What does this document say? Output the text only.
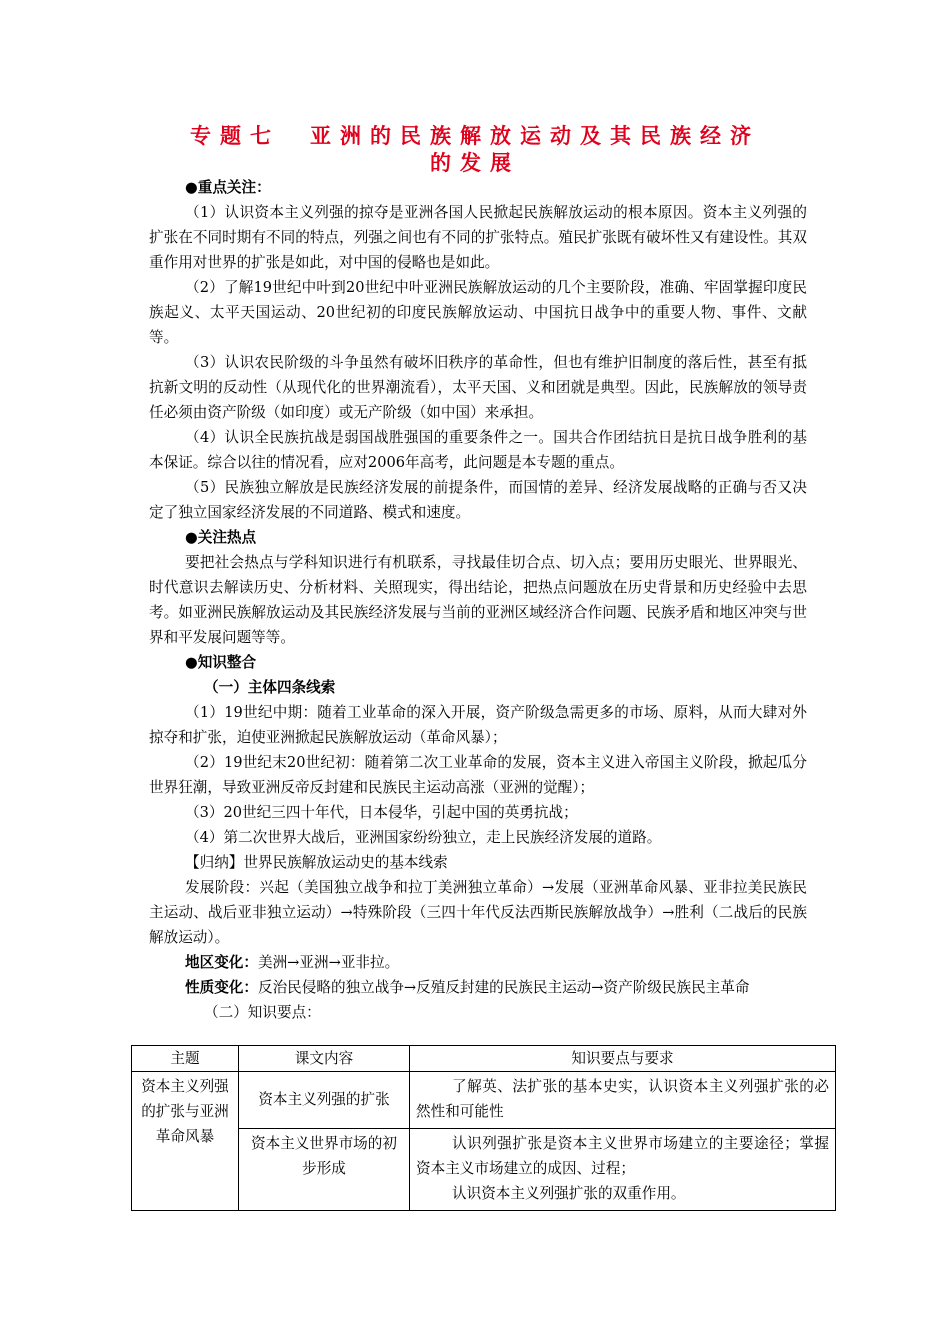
专题七　亚洲的民族解放运动及其民族经济
的发展

●重点关注：

（1）认识资本主义列强的掠夺是亚洲各国人民掀起民族解放运动的根本原因。资本主义列强的扩张在不同时期有不同的特点，列强之间也有不同的扩张特点。殖民扩张既有破坏性又有建设性。其双重作用对世界的扩张是如此，对中国的侵略也是如此。

（2）了解19世纪中叶到20世纪中叶亚洲民族解放运动的几个主要阶段，准确、牢固掌握印度民族起义、太平天国运动、20世纪初的印度民族解放运动、中国抗日战争中的重要人物、事件、文献等。

（3）认识农民阶级的斗争虽然有破坏旧秩序的革命性，但也有维护旧制度的落后性，甚至有抵抗新文明的反动性（从现代化的世界潮流看），太平天国、义和团就是典型。因此，民族解放的领导责任必须由资产阶级（如印度）或无产阶级（如中国）来承担。

（4）认识全民族抗战是弱国战胜强国的重要条件之一。国共合作团结抗日是抗日战争胜利的基本保证。综合以往的情况看，应对2006年高考，此问题是本专题的重点。

（5）民族独立解放是民族经济发展的前提条件，而国情的差异、经济发展战略的正确与否又决定了独立国家经济发展的不同道路、模式和速度。

●关注热点

要把社会热点与学科知识进行有机联系，寻找最佳切合点、切入点；要用历史眼光、世界眼光、时代意识去解读历史、分析材料、关照现实，得出结论，把热点问题放在历史背景和历史经验中去思考。如亚洲民族解放运动及其民族经济发展与当前的亚洲区域经济合作问题、民族矛盾和地区冲突与世界和平发展问题等等。

●知识整合

（一）主体四条线索

（1）19世纪中期：随着工业革命的深入开展，资产阶级急需更多的市场、原料，从而大肆对外掠夺和扩张，迫使亚洲掀起民族解放运动（革命风暴）；

（2）19世纪末20世纪初：随着第二次工业革命的发展，资本主义进入帝国主义阶段，掀起瓜分世界狂潮，导致亚洲反帝反封建和民族民主运动高涨（亚洲的觉醒）；

（3）20世纪三四十年代，日本侵华，引起中国的英勇抗战；

（4）第二次世界大战后，亚洲国家纷纷独立，走上民族经济发展的道路。

【归纳】世界民族解放运动史的基本线索

发展阶段：兴起（美国独立战争和拉丁美洲独立革命）→发展（亚洲革命风暴、亚非拉美民族民主运动、战后亚非独立运动）→特殊阶段（三四十年代反法西斯民族解放战争）→胜利（二战后的民族解放运动）。

地区变化：美洲→亚洲→亚非拉。

性质变化：反治民侵略的独立战争→反殖反封建的民族民主运动→资产阶级民族民主革命

（二）知识要点：

主题	课文内容	知识要点与要求
资本主义列强的扩张与亚洲革命风暴	资本主义列强的扩张	了解英、法扩张的基本史实，认识资本主义列强扩张的必然性和可能性

	资本主义世界市场的初步形成	认识列强扩张是资本主义世界市场建立的主要途径；掌握资本主义市场建立的成因、过程；

认识资本主义列强扩张的双重作用。
